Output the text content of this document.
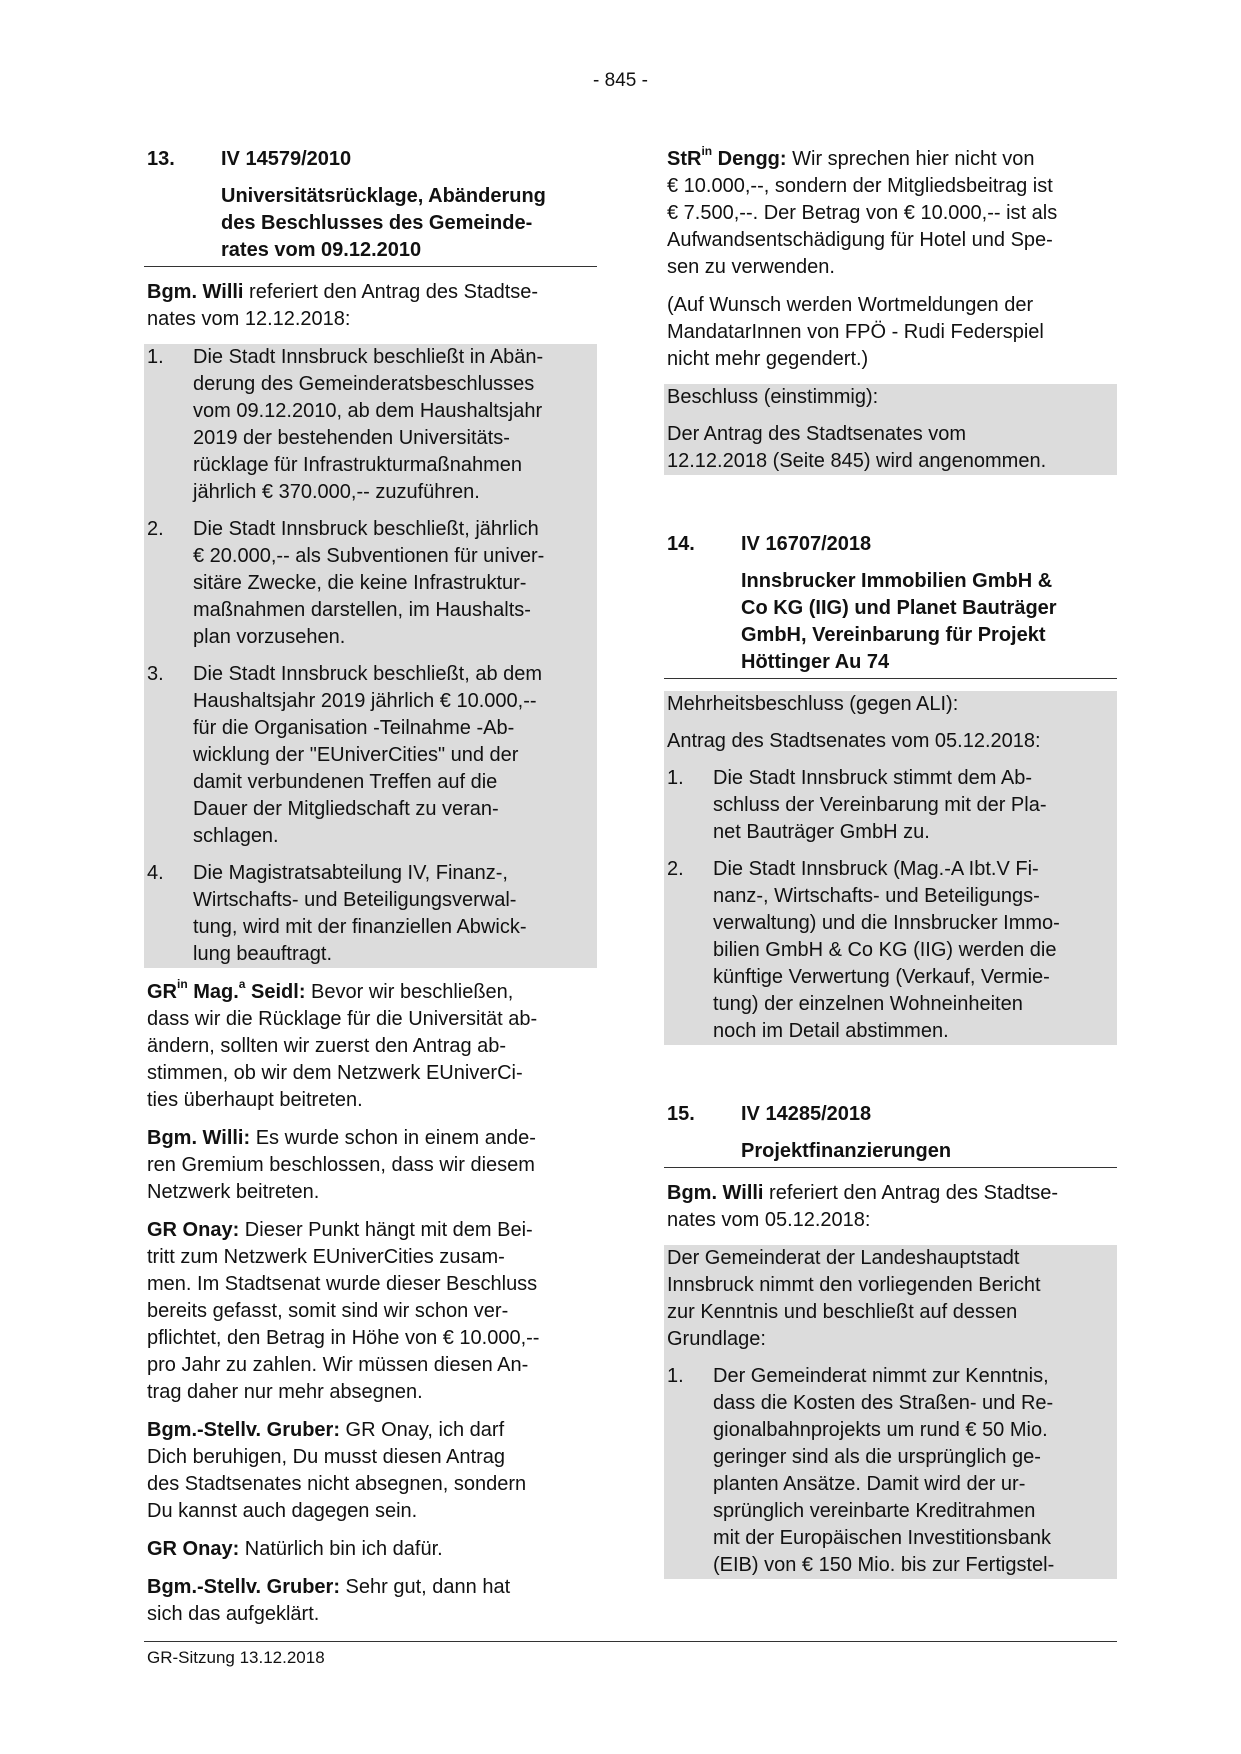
- 845 -
13. IV 14579/2010
Universitätsrücklage, Abänderung
des Beschlusses des Gemeinde-
rates vom 09.12.2010
Bgm. Willi referiert den Antrag des Stadtse-
nates vom 12.12.2018:
1.	Die Stadt Innsbruck beschließt in Abän-
derung des Gemeinderatsbeschlusses
vom 09.12.2010, ab dem Haushaltsjahr
2019 der bestehenden Universitäts-
rücklage für Infrastrukturmaßnahmen
jährlich € 370.000,-- zuzuführen.
2.	Die Stadt Innsbruck beschließt, jährlich
€ 20.000,-- als Subventionen für univer-
sitäre Zwecke, die keine Infrastruktur-
maßnahmen darstellen, im Haushalts-
plan vorzusehen.
3.	Die Stadt Innsbruck beschließt, ab dem
Haushaltsjahr 2019 jährlich € 10.000,--
für die Organisation -Teilnahme -Ab-
wicklung der "EUniverCities" und der
damit verbundenen Treffen auf die
Dauer der Mitgliedschaft zu veran-
schlagen.
4.	Die Magistratsabteilung IV, Finanz-,
Wirtschafts- und Beteiligungsverwal-
tung, wird mit der finanziellen Abwick-
lung beauftragt.
$GR^{in}$ Mag.$^a$ Seidl: Bevor wir beschließen,
dass wir die Rücklage für die Universität ab-
ändern, sollten wir zuerst den Antrag ab-
stimmen, ob wir dem Netzwerk EUniverCi-
ties überhaupt beitreten.
Bgm. Willi: Es wurde schon in einem ande-
ren Gremium beschlossen, dass wir diesem
Netzwerk beitreten.
GR Onay: Dieser Punkt hängt mit dem Bei-
tritt zum Netzwerk EUniverCities zusam-
men. Im Stadtsenat wurde dieser Beschluss
bereits gefasst, somit sind wir schon ver-
pflichtet, den Betrag in Höhe von € 10.000,--
pro Jahr zu zahlen. Wir müssen diesen An-
trag daher nur mehr absegnen.
Bgm.-Stellv. Gruber: GR Onay, ich darf
Dich beruhigen, Du musst diesen Antrag
des Stadtsenates nicht absegnen, sondern
Du kannst auch dagegen sein.
GR Onay: Natürlich bin ich dafür.
Bgm.-Stellv. Gruber: Sehr gut, dann hat
sich das aufgeklärt.
StR$^{in}$ Dengg: Wir sprechen hier nicht von
€ 10.000,--, sondern der Mitgliedsbeitrag ist
€ 7.500,--. Der Betrag von € 10.000,-- ist als
Aufwandsentschädigung für Hotel und Spe-
sen zu verwenden.
(Auf Wunsch werden Wortmeldungen der
MandatarInnen von FPÖ - Rudi Federspiel
nicht mehr gegendert.)
Beschluss (einstimmig):
Der Antrag des Stadtsenates vom
12.12.2018 (Seite 845) wird angenommen.
14. IV 16707/2018
Innsbrucker Immobilien GmbH &
Co KG (IIG) und Planet Bauträger
GmbH, Vereinbarung für Projekt
Höttinger Au 74
Mehrheitsbeschluss (gegen ALI):
Antrag des Stadtsenates vom 05.12.2018:
1.	Die Stadt Innsbruck stimmt dem Ab-
schluss der Vereinbarung mit der Pla-
net Bauträger GmbH zu.
2.	Die Stadt Innsbruck (Mag.-A Ibt.V Fi-
nanz-, Wirtschafts- und Beteiligungs-
verwaltung) und die Innsbrucker Immo-
bilien GmbH & Co KG (IIG) werden die
künftige Verwertung (Verkauf, Vermie-
tung) der einzelnen Wohneinheiten
noch im Detail abstimmen.
15. IV 14285/2018
Projektfinanzierungen
Bgm. Willi referiert den Antrag des Stadtse-
nates vom 05.12.2018:
Der Gemeinderat der Landeshauptstadt
Innsbruck nimmt den vorliegenden Bericht
zur Kenntnis und beschließt auf dessen
Grundlage:
1.	Der Gemeinderat nimmt zur Kenntnis,
dass die Kosten des Straßen- und Re-
gionalbahnprojekts um rund € 50 Mio.
geringer sind als die ursprünglich ge-
planten Ansätze. Damit wird der ur-
sprünglich vereinbarte Kreditrahmen
mit der Europäischen Investitionsbank
(EIB) von € 150 Mio. bis zur Fertigstel-
GR-Sitzung 13.12.2018
